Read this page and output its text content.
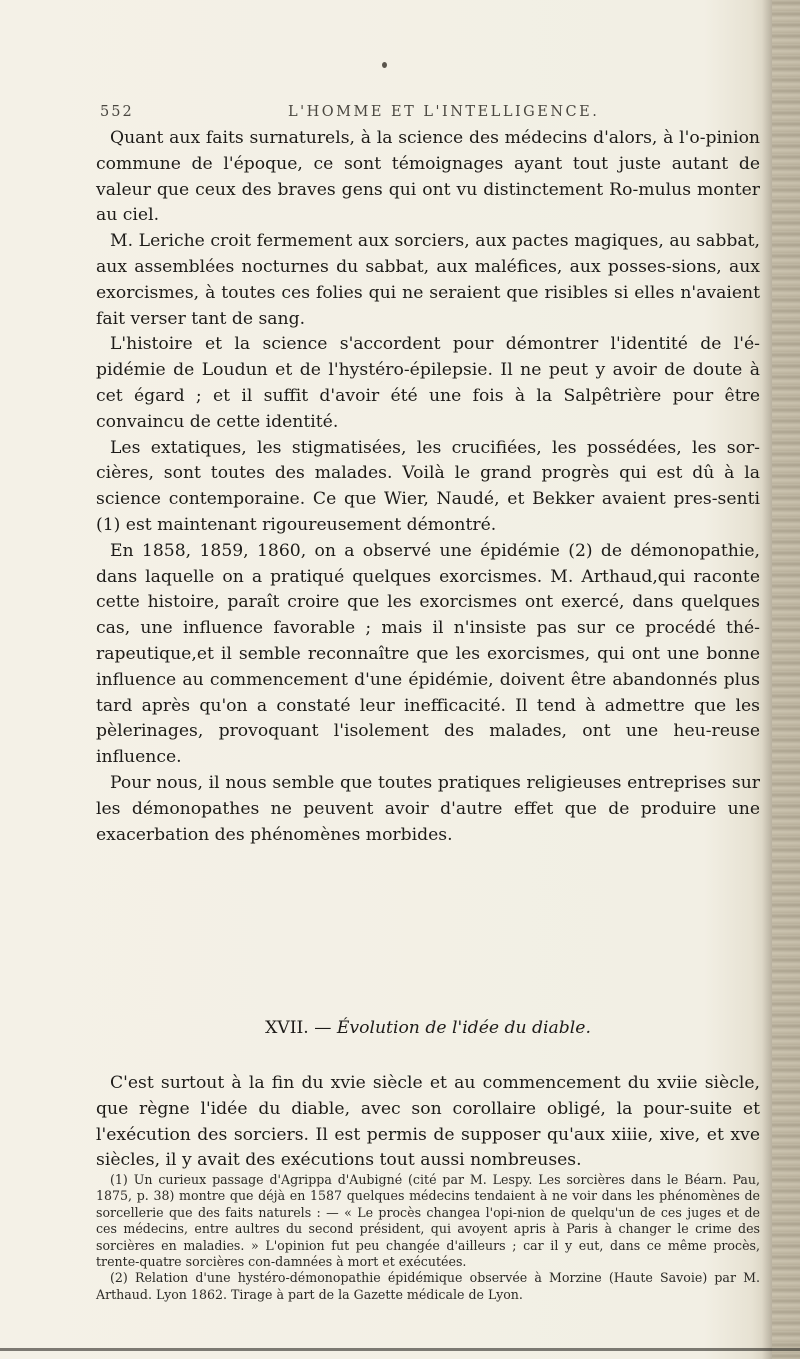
552	L'HOMME ET L'INTELLIGENCE.

Quant aux faits surnaturels, à la science des médecins d'alors, à l'o-pinion commune de l'époque, ce sont témoignages ayant tout juste autant de valeur que ceux des braves gens qui ont vu distinctement Ro-mulus monter au ciel.

M. Leriche croit fermement aux sorciers, aux pactes magiques, au sabbat, aux assemblées nocturnes du sabbat, aux maléfices, aux posses-sions, aux exorcismes, à toutes ces folies qui ne seraient que risibles si elles n'avaient fait verser tant de sang.

L'histoire et la science s'accordent pour démontrer l'identité de l'é-pidémie de Loudun et de l'hystéro-épilepsie. Il ne peut y avoir de doute à cet égard ; et il suffit d'avoir été une fois à la Salpêtrière pour être convaincu de cette identité.

Les extatiques, les stigmatisées, les crucifiées, les possédées, les sor-cières, sont toutes des malades. Voilà le grand progrès qui est dû à la science contemporaine. Ce que Wier, Naudé, et Bekker avaient pres-senti (1) est maintenant rigoureusement démontré.

En 1858, 1859, 1860, on a observé une épidémie (2) de démonopathie, dans laquelle on a pratiqué quelques exorcismes. M. Arthaud,qui raconte cette histoire, paraît croire que les exorcismes ont exercé, dans quelques cas, une influence favorable ; mais il n'insiste pas sur ce procédé thé-rapeutique,et il semble reconnaître que les exorcismes, qui ont une bonne influence au commencement d'une épidémie, doivent être abandonnés plus tard après qu'on a constaté leur inefficacité. Il tend à admettre que les pèlerinages, provoquant l'isolement des malades, ont une heu-reuse influence.

Pour nous, il nous semble que toutes pratiques religieuses entreprises sur les démonopathes ne peuvent avoir d'autre effet que de produire une exacerbation des phénomènes morbides.

XVII. — Évolution de l'idée du diable.

C'est surtout à la fin du xvie siècle et au commencement du xviie siècle, que règne l'idée du diable, avec son corollaire obligé, la pour-suite et l'exécution des sorciers. Il est permis de supposer qu'aux xiiie, xive, et xve siècles, il y avait des exécutions tout aussi nombreuses.

(1) Un curieux passage d'Agrippa d'Aubigné (cité par M. Lespy. Les sorcières dans le Béarn. Pau, 1875, p. 38) montre que déjà en 1587 quelques médecins tendaient à ne voir dans les phénomènes de sorcellerie que des faits naturels : — « Le procès changea l'opi-nion de quelqu'un de ces juges et de ces médecins, entre aultres du second président, qui avoyent apris à Paris à changer le crime des sorcières en maladies. » L'opinion fut peu changée d'ailleurs ; car il y eut, dans ce même procès, trente-quatre sorcières con-damnées à mort et exécutées.

(2) Relation d'une hystéro-démonopathie épidémique observée à Morzine (Haute Savoie) par M. Arthaud. Lyon 1862. Tirage à part de la Gazette médicale de Lyon.
